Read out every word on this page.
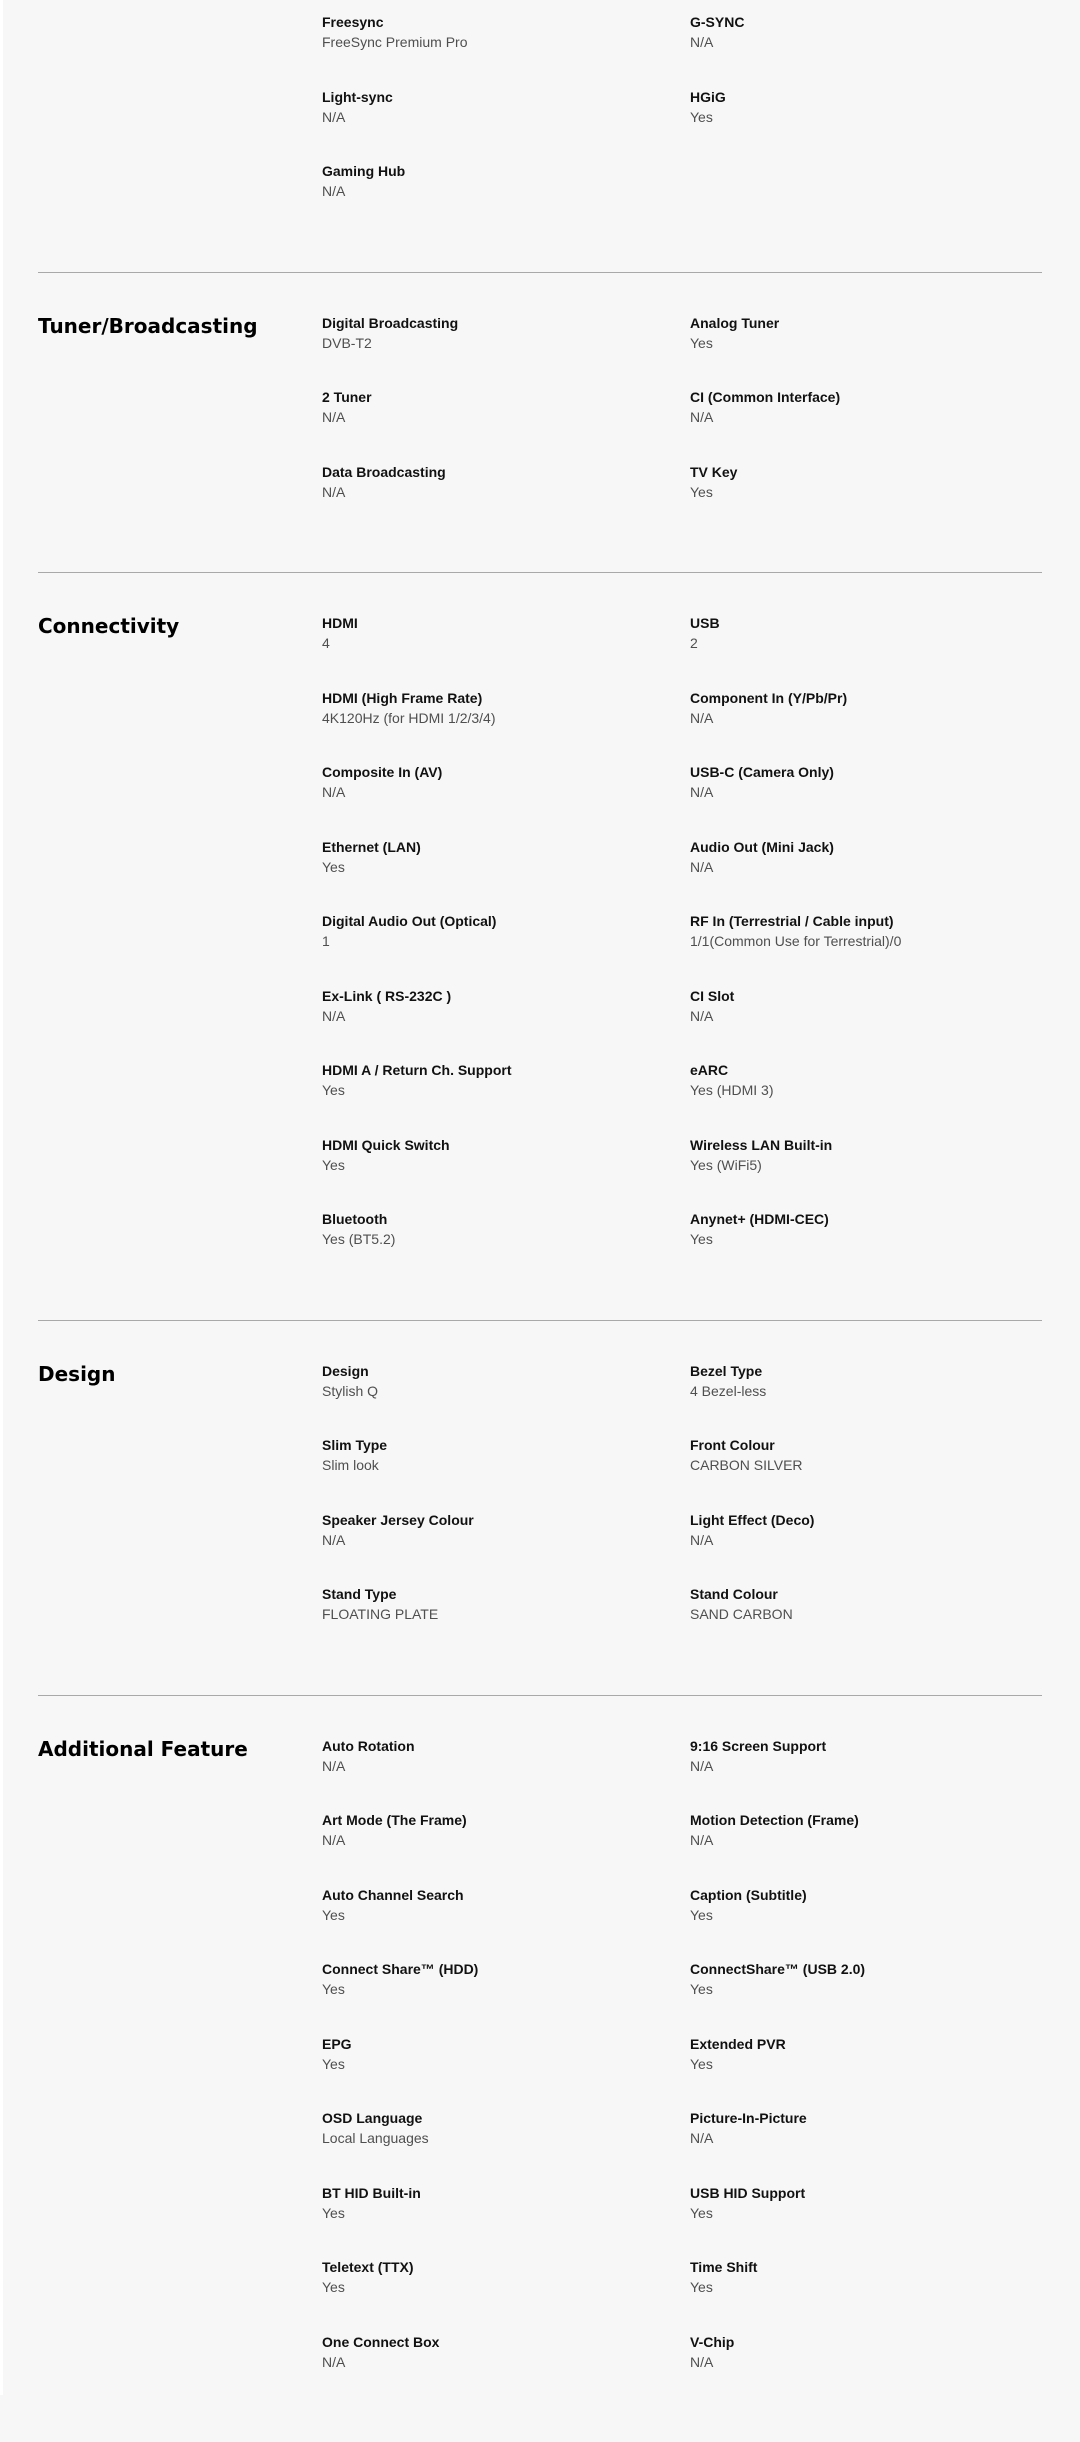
Freesync
FreeSync Premium Pro
G-SYNC
N/A
Light-sync
N/A
HGiG
Yes
Gaming Hub
N/A
Tuner/Broadcasting	Digital Broadcasting
DVB-T2
Analog Tuner
Yes
2 Tuner
N/A
CI (Common Interface)
N/A
Data Broadcasting
N/A
TV Key
Yes
Connectivity	HDMI
4
USB
2
HDMI (High Frame Rate)
4K120Hz (for HDMI 1/2/3/4)
Component In (Y/Pb/Pr)
N/A
Composite In (AV)
N/A
USB-C (Camera Only)
N/A
Ethernet (LAN)
Yes
Audio Out (Mini Jack)
N/A
Digital Audio Out (Optical)
1
RF In (Terrestrial / Cable input)
1/1(Common Use for Terrestrial)/0
Ex-Link ( RS-232C )
N/A
CI Slot
N/A
HDMI A / Return Ch. Support
Yes
eARC
Yes (HDMI 3)
HDMI Quick Switch
Yes
Wireless LAN Built-in
Yes (WiFi5)
Bluetooth
Yes (BT5.2)
Anynet+ (HDMI-CEC)
Yes
Design	Design
Stylish Q
Bezel Type
4 Bezel-less
Slim Type
Slim look
Front Colour
CARBON SILVER
Speaker Jersey Colour
N/A
Light Effect (Deco)
N/A
Stand Type
FLOATING PLATE
Stand Colour
SAND CARBON
Additional Feature	Auto Rotation
N/A
9:16 Screen Support
N/A
Art Mode (The Frame)
N/A
Motion Detection (Frame)
N/A
Auto Channel Search
Yes
Caption (Subtitle)
Yes
Connect Share™ (HDD)
Yes
ConnectShare™ (USB 2.0)
Yes
EPG
Yes
Extended PVR
Yes
OSD Language
Local Languages
Picture-In-Picture
N/A
BT HID Built-in
Yes
USB HID Support
Yes
Teletext (TTX)
Yes
Time Shift
Yes
One Connect Box
N/A
V-Chip
N/A
